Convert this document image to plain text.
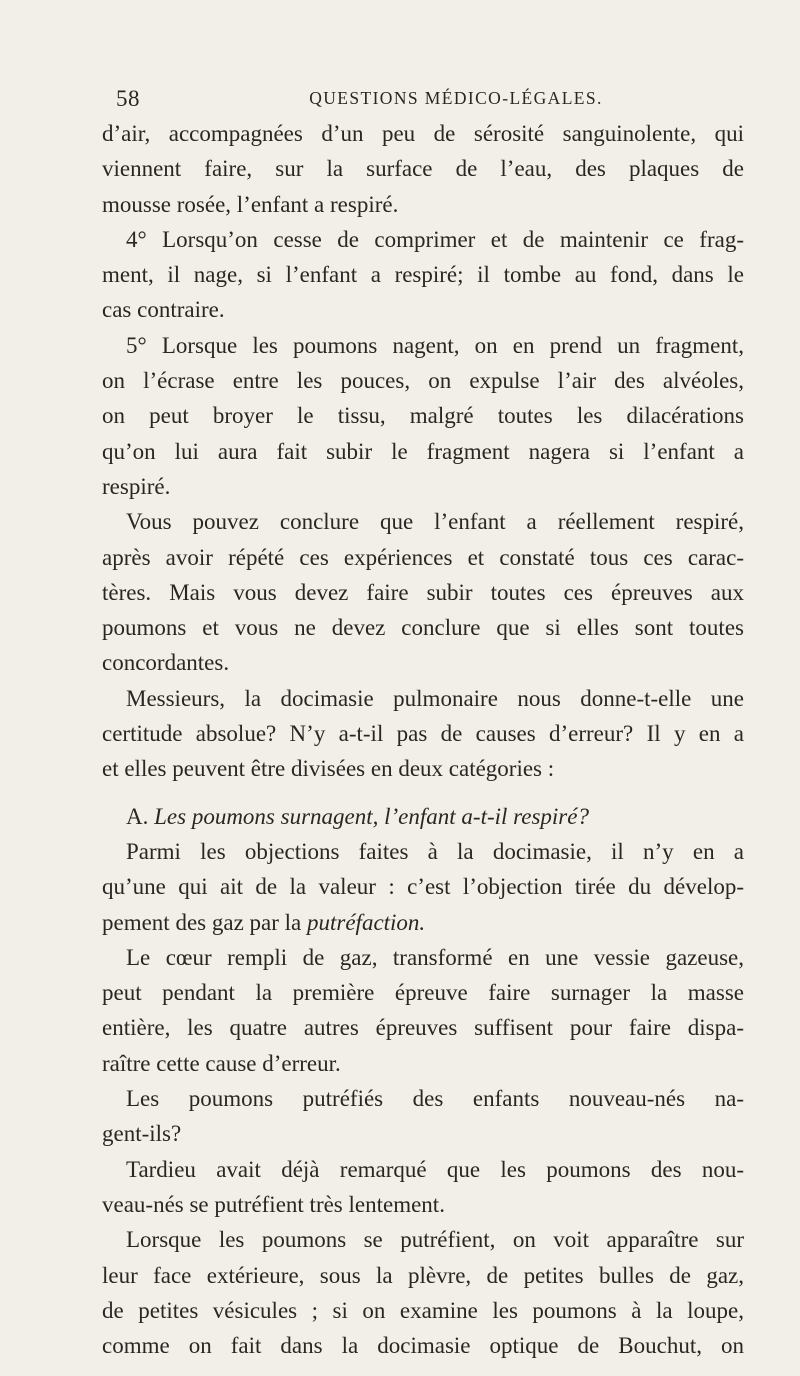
58	QUESTIONS MÉDICO-LÉGALES.
d’air, accompagnées d’un peu de sérosité sanguinolente, qui
viennent faire, sur la surface de l’eau, des plaques de
mousse rosée, l’enfant a respiré.
4° Lorsqu’on cesse de comprimer et de maintenir ce frag-
ment, il nage, si l’enfant a respiré; il tombe au fond, dans le
cas contraire.
5° Lorsque les poumons nagent, on en prend un fragment,
on l’écrase entre les pouces, on expulse l’air des alvéoles,
on peut broyer le tissu, malgré toutes les dilacérations
qu’on lui aura fait subir le fragment nagera si l’enfant a
respiré.
Vous pouvez conclure que l’enfant a réellement respiré,
après avoir répété ces expériences et constaté tous ces carac-
tères. Mais vous devez faire subir toutes ces épreuves aux
poumons et vous ne devez conclure que si elles sont toutes
concordantes.
Messieurs, la docimasie pulmonaire nous donne-t-elle une
certitude absolue? N’y a-t-il pas de causes d’erreur? Il y en a
et elles peuvent être divisées en deux catégories :
A. Les poumons surnagent, l’enfant a-t-il respiré?
Parmi les objections faites à la docimasie, il n’y en a
qu’une qui ait de la valeur : c’est l’objection tirée du dévelop-
pement des gaz par la putréfaction.
Le cœur rempli de gaz, transformé en une vessie gazeuse,
peut pendant la première épreuve faire surnager la masse
entière, les quatre autres épreuves suffisent pour faire dispa-
raître cette cause d’erreur.
Les poumons putréfiés des enfants nouveau-nés na-
gent-ils?
Tardieu avait déjà remarqué que les poumons des nou-
veau-nés se putréfient très lentement.
Lorsque les poumons se putréfient, on voit apparaître sur
leur face extérieure, sous la plèvre, de petites bulles de gaz,
de petites vésicules ; si on examine les poumons à la loupe,
comme on fait dans la docimasie optique de Bouchut, on
